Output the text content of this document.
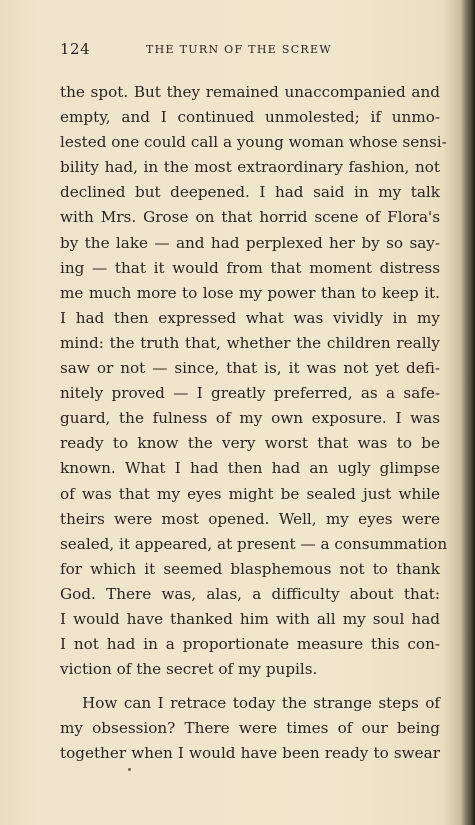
124	THE TURN OF THE SCREW
the spot. But they remained unaccompanied and
empty, and I continued unmolested; if unmo-
lested one could call a young woman whose sensi-
bility had, in the most extraordinary fashion, not
declined but deepened. I had said in my talk
with Mrs. Grose on that horrid scene of Flora's
by the lake — and had perplexed her by so say-
ing — that it would from that moment distress
me much more to lose my power than to keep it.
I had then expressed what was vividly in my
mind: the truth that, whether the children really
saw or not — since, that is, it was not yet defi-
nitely proved — I greatly preferred, as a safe-
guard, the fulness of my own exposure. I was
ready to know the very worst that was to be
known. What I had then had an ugly glimpse
of was that my eyes might be sealed just while
theirs were most opened. Well, my eyes were
sealed, it appeared, at present — a consummation
for which it seemed blasphemous not to thank
God. There was, alas, a difficulty about that:
I would have thanked him with all my soul had
I not had in a proportionate measure this con-
viction of the secret of my pupils.
How can I retrace today the strange steps of
my obsession? There were times of our being
together when I would have been ready to swear
